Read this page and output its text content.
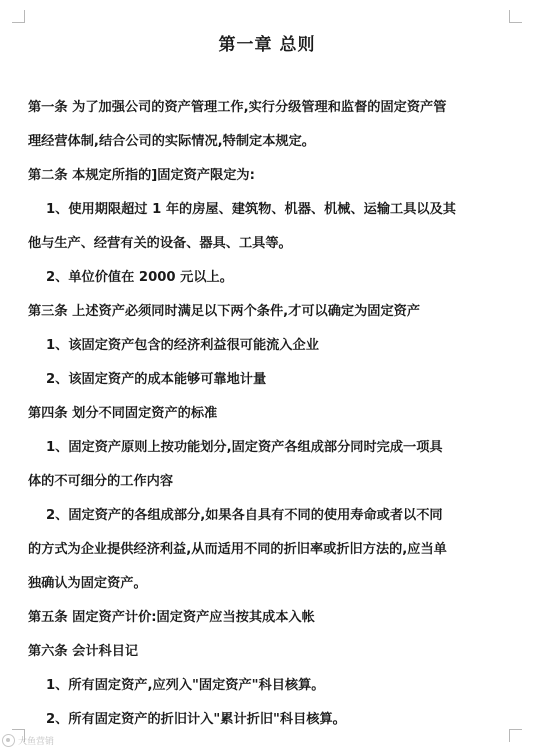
第一章 总则
第一条 为了加强公司的资产管理工作,实行分级管理和监督的固定资产管
理经营体制,结合公司的实际情况,特制定本规定。
第二条 本规定所指的]固定资产限定为:
1、使用期限超过 1 年的房屋、建筑物、机器、机械、运输工具以及其
他与生产、经营有关的设备、器具、工具等。
2、单位价值在 2000 元以上。
第三条 上述资产必须同时满足以下两个条件,才可以确定为固定资产
1、该固定资产包含的经济利益很可能流入企业
2、该固定资产的成本能够可靠地计量
第四条 划分不同固定资产的标准
1、固定资产原则上按功能划分,固定资产各组成部分同时完成一项具
体的不可细分的工作内容
2、固定资产的各组成部分,如果各自具有不同的使用寿命或者以不同
的方式为企业提供经济利益,从而适用不同的折旧率或折旧方法的,应当单
独确认为固定资产。
第五条 固定资产计价:固定资产应当按其成本入帐
第六条 会计科目记
1、所有固定资产,应列入"固定资产"科目核算。
2、所有固定资产的折旧计入"累计折旧"科目核算。
大鱼营销
